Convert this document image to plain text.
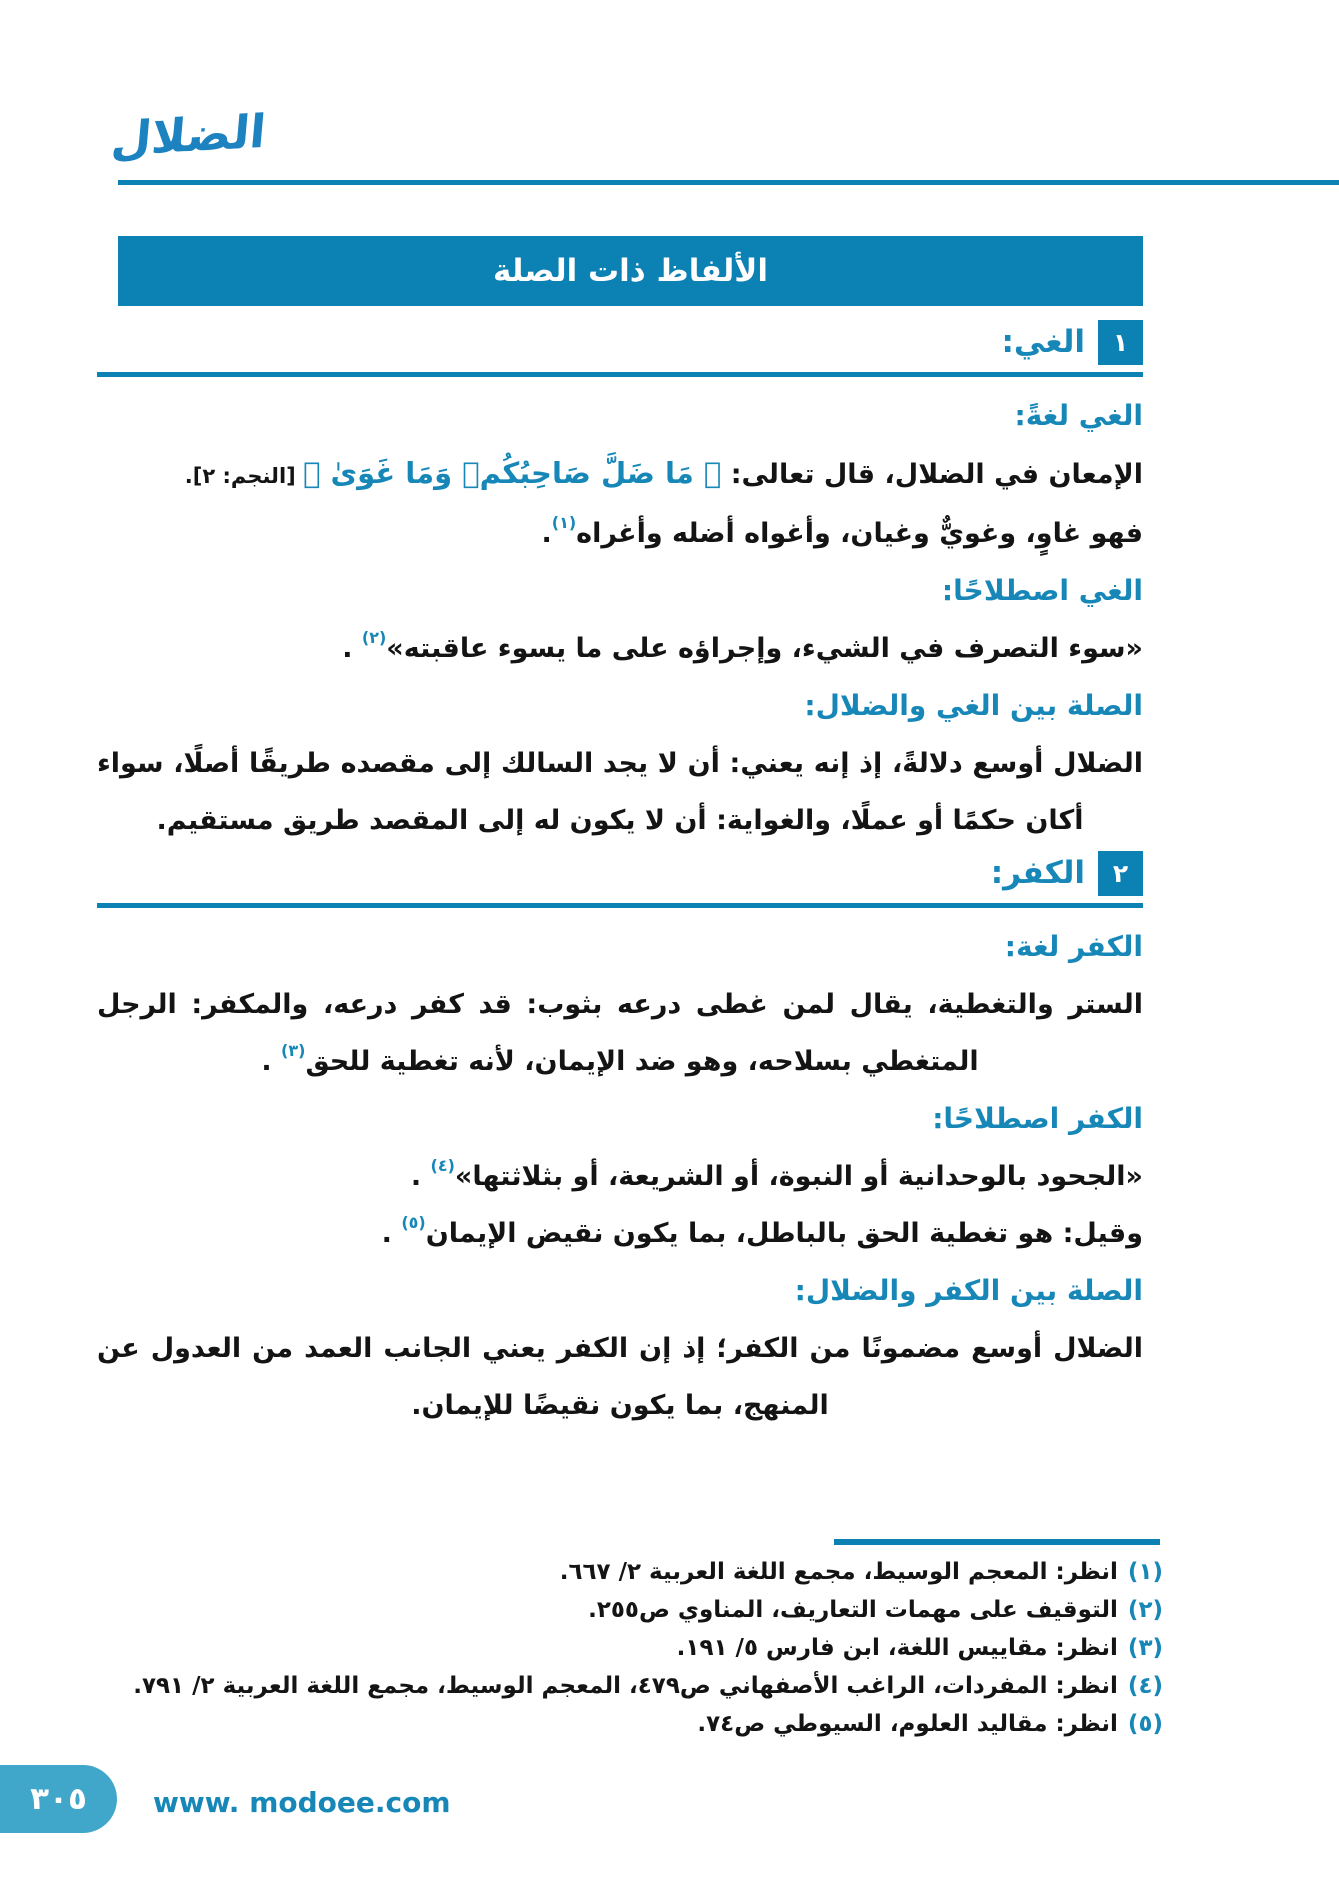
الضلال
الألفاظ ذات الصلة
١
الغي:
الغي لغةً:
الإمعان في الضلال، قال تعالى: ﴿ مَا ضَلَّ صَاحِبُكُمۡ وَمَا غَوَىٰ ﴾ [النجم: ٢].
فهو غاوٍ، وغويٌّ وغيان، وأغواه أضله وأغراه$^{(١)}$.
الغي اصطلاحًا:
«سوء التصرف في الشيء، وإجراؤه على ما يسوء عاقبته»$^{(٢)}$ .
الصلة بين الغي والضلال:
الضلال أوسع دلالةً، إذ إنه يعني: أن لا يجد السالك إلى مقصده طريقًا أصلًا، سواء أكان حكمًا أو عملًا، والغواية: أن لا يكون له إلى المقصد طريق مستقيم.
٢
الكفر:
الكفر لغة:
الستر والتغطية، يقال لمن غطى درعه بثوب: قد كفر درعه، والمكفر: الرجل المتغطي بسلاحه، وهو ضد الإيمان، لأنه تغطية للحق$^{(٣)}$ .
الكفر اصطلاحًا:
«الجحود بالوحدانية أو النبوة، أو الشريعة، أو بثلاثتها»$^{(٤)}$ .
وقيل: هو تغطية الحق بالباطل، بما يكون نقيض الإيمان$^{(٥)}$ .
الصلة بين الكفر والضلال:
الضلال أوسع مضمونًا من الكفر؛ إذ إن الكفر يعني الجانب العمد من العدول عن المنهج، بما يكون نقيضًا للإيمان.
(١)انظر: المعجم الوسيط، مجمع اللغة العربية ٢/ ٦٦٧.
(٢)التوقيف على مهمات التعاريف، المناوي ص٢٥٥.
(٣)انظر: مقاييس اللغة، ابن فارس ٥/ ١٩١.
(٤)انظر: المفردات، الراغب الأصفهاني ص٤٧٩، المعجم الوسيط، مجمع اللغة العربية ٢/ ٧٩١.
(٥)انظر: مقاليد العلوم، السيوطي ص٧٤.
٣٠٥ www. modoee.com
